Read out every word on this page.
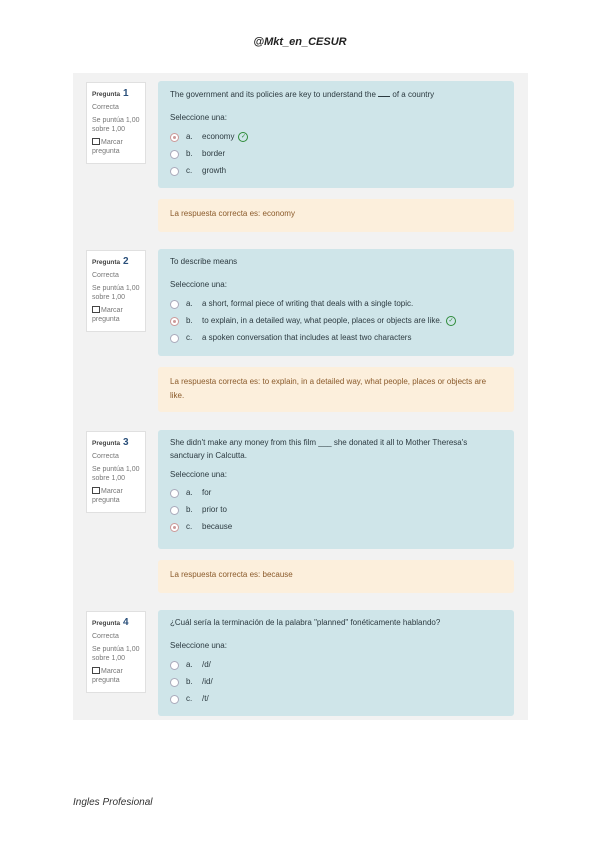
@Mkt_en_CESUR
Pregunta 1
Correcta
Se puntúa 1,00
sobre 1,00
Marcar
pregunta
The government and its policies are key to understand the of a country
Seleccione una:
a.	economy	✓
b.	border
c.	growth
La respuesta correcta es: economy
Pregunta 2
Correcta
Se puntúa 1,00
sobre 1,00
Marcar
pregunta
To describe means
Seleccione una:
a.	a short, formal piece of writing that deals with a single topic.
b.	to explain, in a detailed way, what people, places or objects are like.	✓
c.	a spoken conversation that includes at least two characters
La respuesta correcta es: to explain, in a detailed way, what people, places or objects are like.
Pregunta 3
Correcta
Se puntúa 1,00
sobre 1,00
Marcar
pregunta
She didn't make any money from this film ___ she donated it all to Mother Theresa's sanctuary in Calcutta.
Seleccione una:
a.	for
b.	prior to
c.	because
La respuesta correcta es: because
Pregunta 4
Correcta
Se puntúa 1,00
sobre 1,00
Marcar
pregunta
¿Cuál sería la terminación de la palabra "planned" fonéticamente hablando?
Seleccione una:
a.	/d/
b.	/id/
c.	/t/
Ingles Profesional
